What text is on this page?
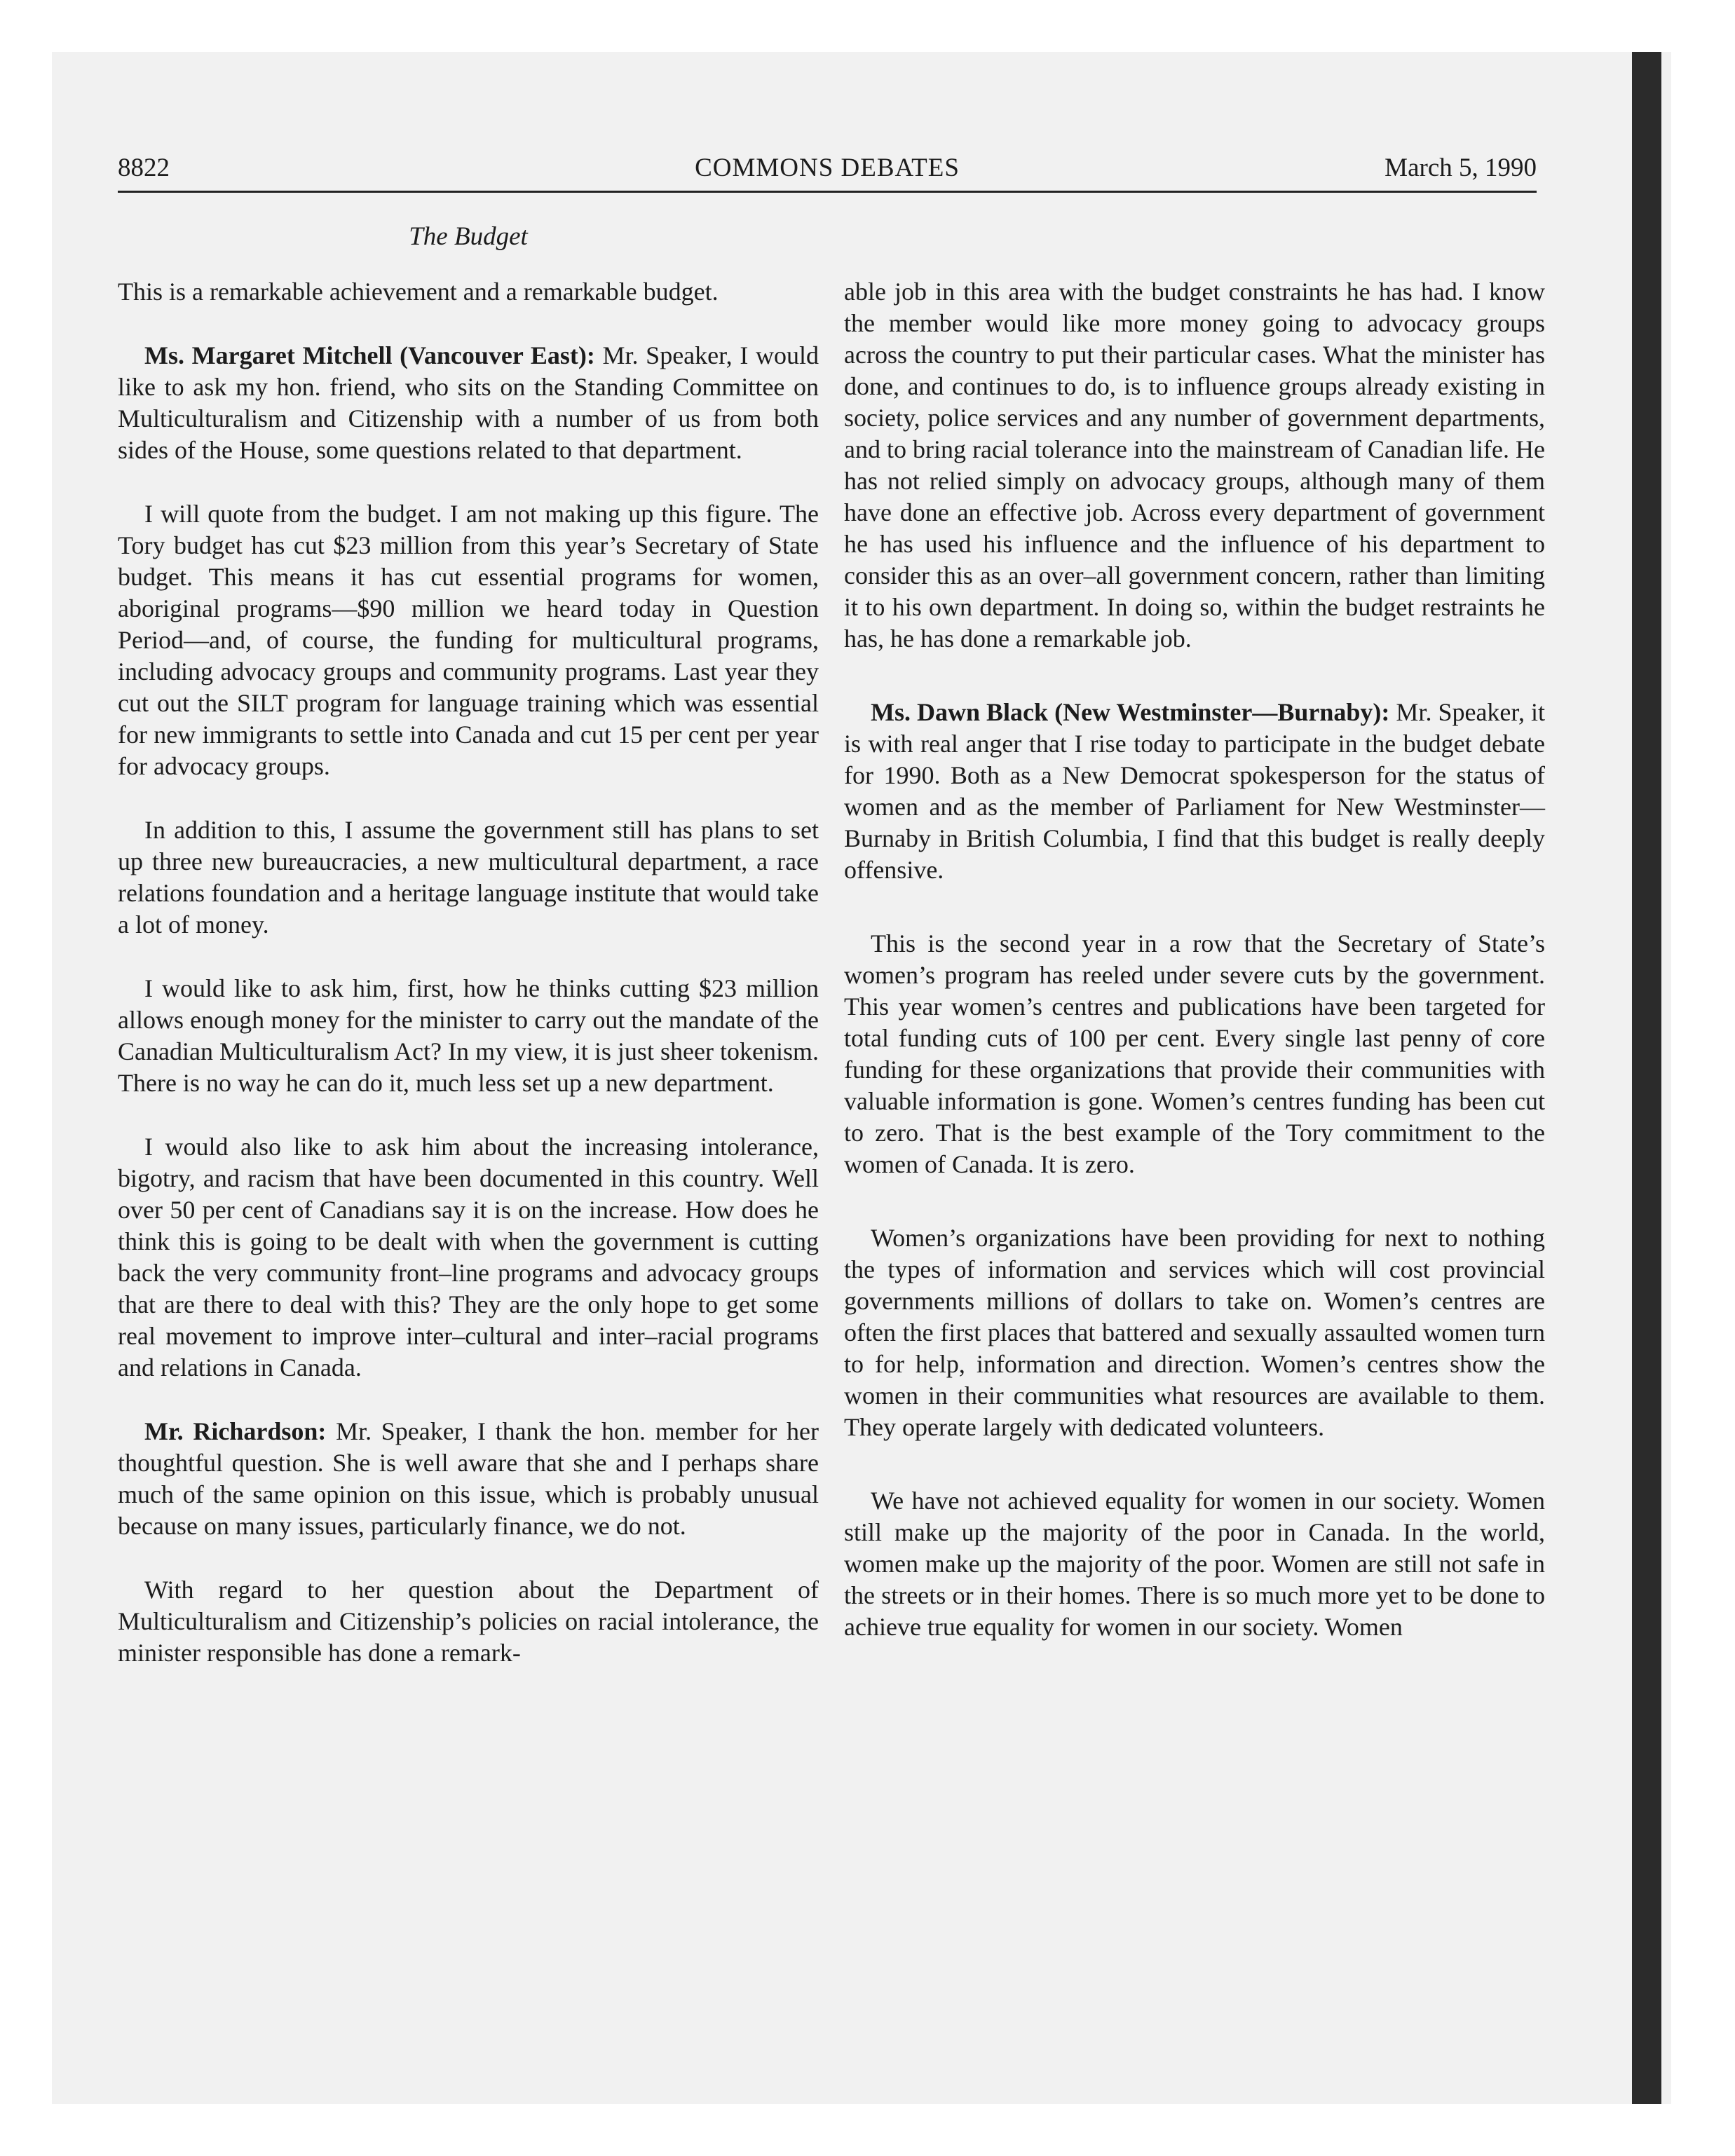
8822	COMMONS DEBATES	March 5, 1990
The Budget

This is a remarkable achievement and a remarkable budget.

Ms. Margaret Mitchell (Vancouver East): Mr. Speaker, I would like to ask my hon. friend, who sits on the Standing Committee on Multiculturalism and Citizenship with a number of us from both sides of the House, some questions related to that department.

I will quote from the budget. I am not making up this figure. The Tory budget has cut $23 million from this year’s Secretary of State budget. This means it has cut essential programs for women, aboriginal programs—$90 million we heard today in Question Period—and, of course, the funding for multicultural programs, including advocacy groups and community programs. Last year they cut out the SILT program for language training which was essential for new immigrants to settle into Canada and cut 15 per cent per year for advocacy groups.

In addition to this, I assume the government still has plans to set up three new bureaucracies, a new multicultural department, a race relations foundation and a heritage language institute that would take a lot of money.

I would like to ask him, first, how he thinks cutting $23 million allows enough money for the minister to carry out the mandate of the Canadian Multiculturalism Act? In my view, it is just sheer tokenism. There is no way he can do it, much less set up a new department.

I would also like to ask him about the increasing intolerance, bigotry, and racism that have been documented in this country. Well over 50 per cent of Canadians say it is on the increase. How does he think this is going to be dealt with when the government is cutting back the very community front–line programs and advocacy groups that are there to deal with this? They are the only hope to get some real movement to improve inter–cultural and inter–racial programs and relations in Canada.

Mr. Richardson: Mr. Speaker, I thank the hon. member for her thoughtful question. She is well aware that she and I perhaps share much of the same opinion on this issue, which is probably unusual because on many issues, particularly finance, we do not.

With regard to her question about the Department of Multiculturalism and Citizenship’s policies on racial intolerance, the minister responsible has done a remark-

able job in this area with the budget constraints he has had. I know the member would like more money going to advocacy groups across the country to put their particular cases. What the minister has done, and continues to do, is to influence groups already existing in society, police services and any number of government departments, and to bring racial tolerance into the mainstream of Canadian life. He has not relied simply on advocacy groups, although many of them have done an effective job. Across every department of government he has used his influence and the influence of his department to consider this as an over–all government concern, rather than limiting it to his own department. In doing so, within the budget restraints he has, he has done a remarkable job.

Ms. Dawn Black (New Westminster—Burnaby): Mr. Speaker, it is with real anger that I rise today to participate in the budget debate for 1990. Both as a New Democrat spokesperson for the status of women and as the member of Parliament for New Westminster—Burnaby in British Columbia, I find that this budget is really deeply offensive.

This is the second year in a row that the Secretary of State’s women’s program has reeled under severe cuts by the government. This year women’s centres and publications have been targeted for total funding cuts of 100 per cent. Every single last penny of core funding for these organizations that provide their communities with valuable information is gone. Women’s centres funding has been cut to zero. That is the best example of the Tory commitment to the women of Canada. It is zero.

Women’s organizations have been providing for next to nothing the types of information and services which will cost provincial governments millions of dollars to take on. Women’s centres are often the first places that battered and sexually assaulted women turn to for help, information and direction. Women’s centres show the women in their communities what resources are available to them. They operate largely with dedicated volunteers.

We have not achieved equality for women in our society. Women still make up the majority of the poor in Canada. In the world, women make up the majority of the poor. Women are still not safe in the streets or in their homes. There is so much more yet to be done to achieve true equality for women in our society. Women
